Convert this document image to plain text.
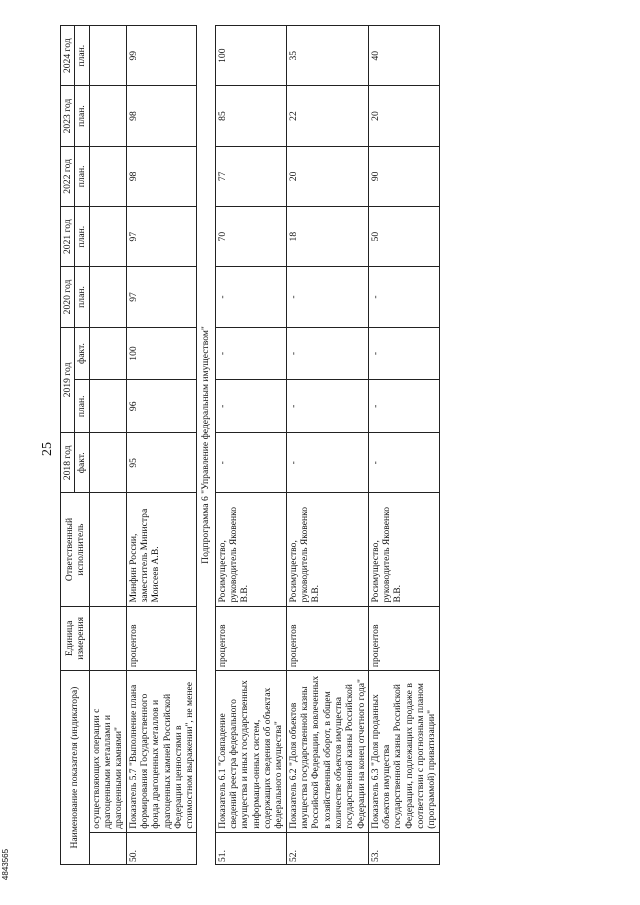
25
4843565
Наименование показателя (индикатора)		Единица измерения	Ответственный исполнитель	2018 год	2019 год		2020 год	2021 год	2022 год	2023 год	2024 год
				факт.	план.	факт.	план.	план.	план.	план.	план.
	осуществляющих операции с драгоценными металлами и драгоценными камнями"										
50.	Показатель 5.7 "Выполнение плана формирования Государственного фонда драгоценных металлов и драгоценных камней Российской Федерации ценностями в стоимостном выражении", не менее	процентов	Минфин России, заместитель Министра Моисеев А.В.	95	96	100	97	97	98	98	99
Подпрограмма 6 "Управление федеральным имуществом"											
51.	Показатель 6.1 "Совпадение сведений реестра федерального имущества и иных государственных информаци-онных систем, содержащих сведения об объектах федерального имущества"	процентов	Росимущество, руководитель Яковенко В.В.	-	-	-	-	70	77	85	100
52.	Показатель 6.2 "Доля объектов имущества государственной казны Российской Федерации, вовлеченных в хозяйственный оборот, в общем количестве объектов имущества государственной казны Российской Федерации на конец отчетного года"	процентов	Росимущество, руководитель Яковенко В.В.	-	-	-	-	18	20	22	35
53.	Показатель 6.3 "Доля проданных объектов имущества государственной казны Российской Федерации, подлежащих продаже в соответствии с прогнозным планом (программой) приватизации"	процентов	Росимущество, руководитель Яковенко В.В.	-	-	-	-	50	90	20	40
